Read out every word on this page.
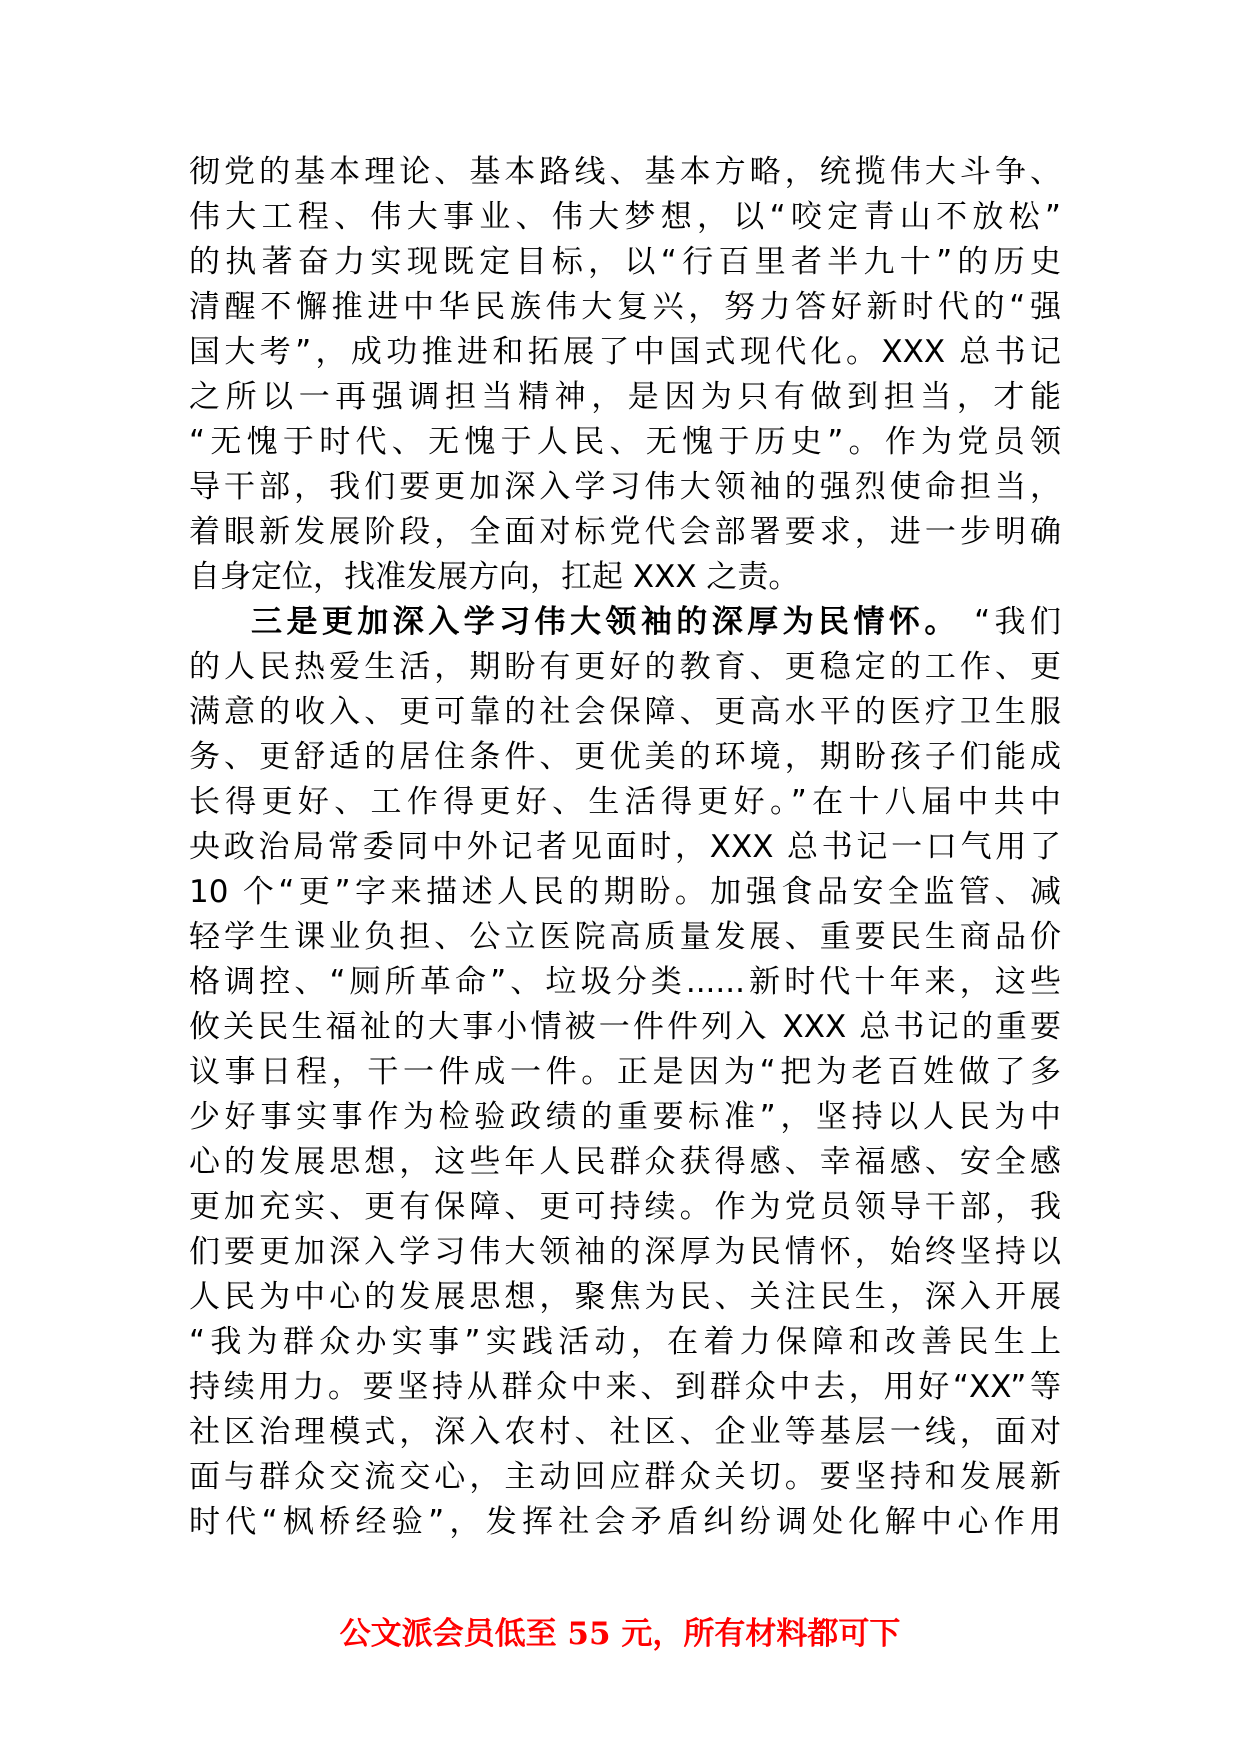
彻党的基本理论、基本路线、基本方略，统揽伟大斗争、
伟大工程、伟大事业、伟大梦想，以“咬定青山不放松”
的执著奋力实现既定目标，以“行百里者半九十”的历史
清醒不懈推进中华民族伟大复兴，努力答好新时代的“强
国大考”，成功推进和拓展了中国式现代化。XXX 总书记
之所以一再强调担当精神，是因为只有做到担当，才能
“无愧于时代、无愧于人民、无愧于历史”。作为党员领
导干部，我们要更加深入学习伟大领袖的强烈使命担当，
着眼新发展阶段，全面对标党代会部署要求，进一步明确
自身定位，找准发展方向，扛起 XXX 之责。
三是更加深入学习伟大领袖的深厚为民情怀。 “我们
的人民热爱生活，期盼有更好的教育、更稳定的工作、更
满意的收入、更可靠的社会保障、更高水平的医疗卫生服
务、更舒适的居住条件、更优美的环境，期盼孩子们能成
长得更好、工作得更好、生活得更好。”在十八届中共中
央政治局常委同中外记者见面时，XXX 总书记一口气用了
10 个“更”字来描述人民的期盼。加强食品安全监管、减
轻学生课业负担、公立医院高质量发展、重要民生商品价
格调控、“厕所革命”、垃圾分类......新时代十年来，这些
攸关民生福祉的大事小情被一件件列入 XXX 总书记的重要
议事日程，干一件成一件。正是因为“把为老百姓做了多
少好事实事作为检验政绩的重要标准”，坚持以人民为中
心的发展思想，这些年人民群众获得感、幸福感、安全感
更加充实、更有保障、更可持续。作为党员领导干部，我
们要更加深入学习伟大领袖的深厚为民情怀，始终坚持以
人民为中心的发展思想，聚焦为民、关注民生，深入开展
“我为群众办实事”实践活动，在着力保障和改善民生上
持续用力。要坚持从群众中来、到群众中去，用好“XX”等
社区治理模式，深入农村、社区、企业等基层一线，面对
面与群众交流交心，主动回应群众关切。要坚持和发展新
时代“枫桥经验”，发挥社会矛盾纠纷调处化解中心作用
公文派会员低至 55 元，所有材料都可下
